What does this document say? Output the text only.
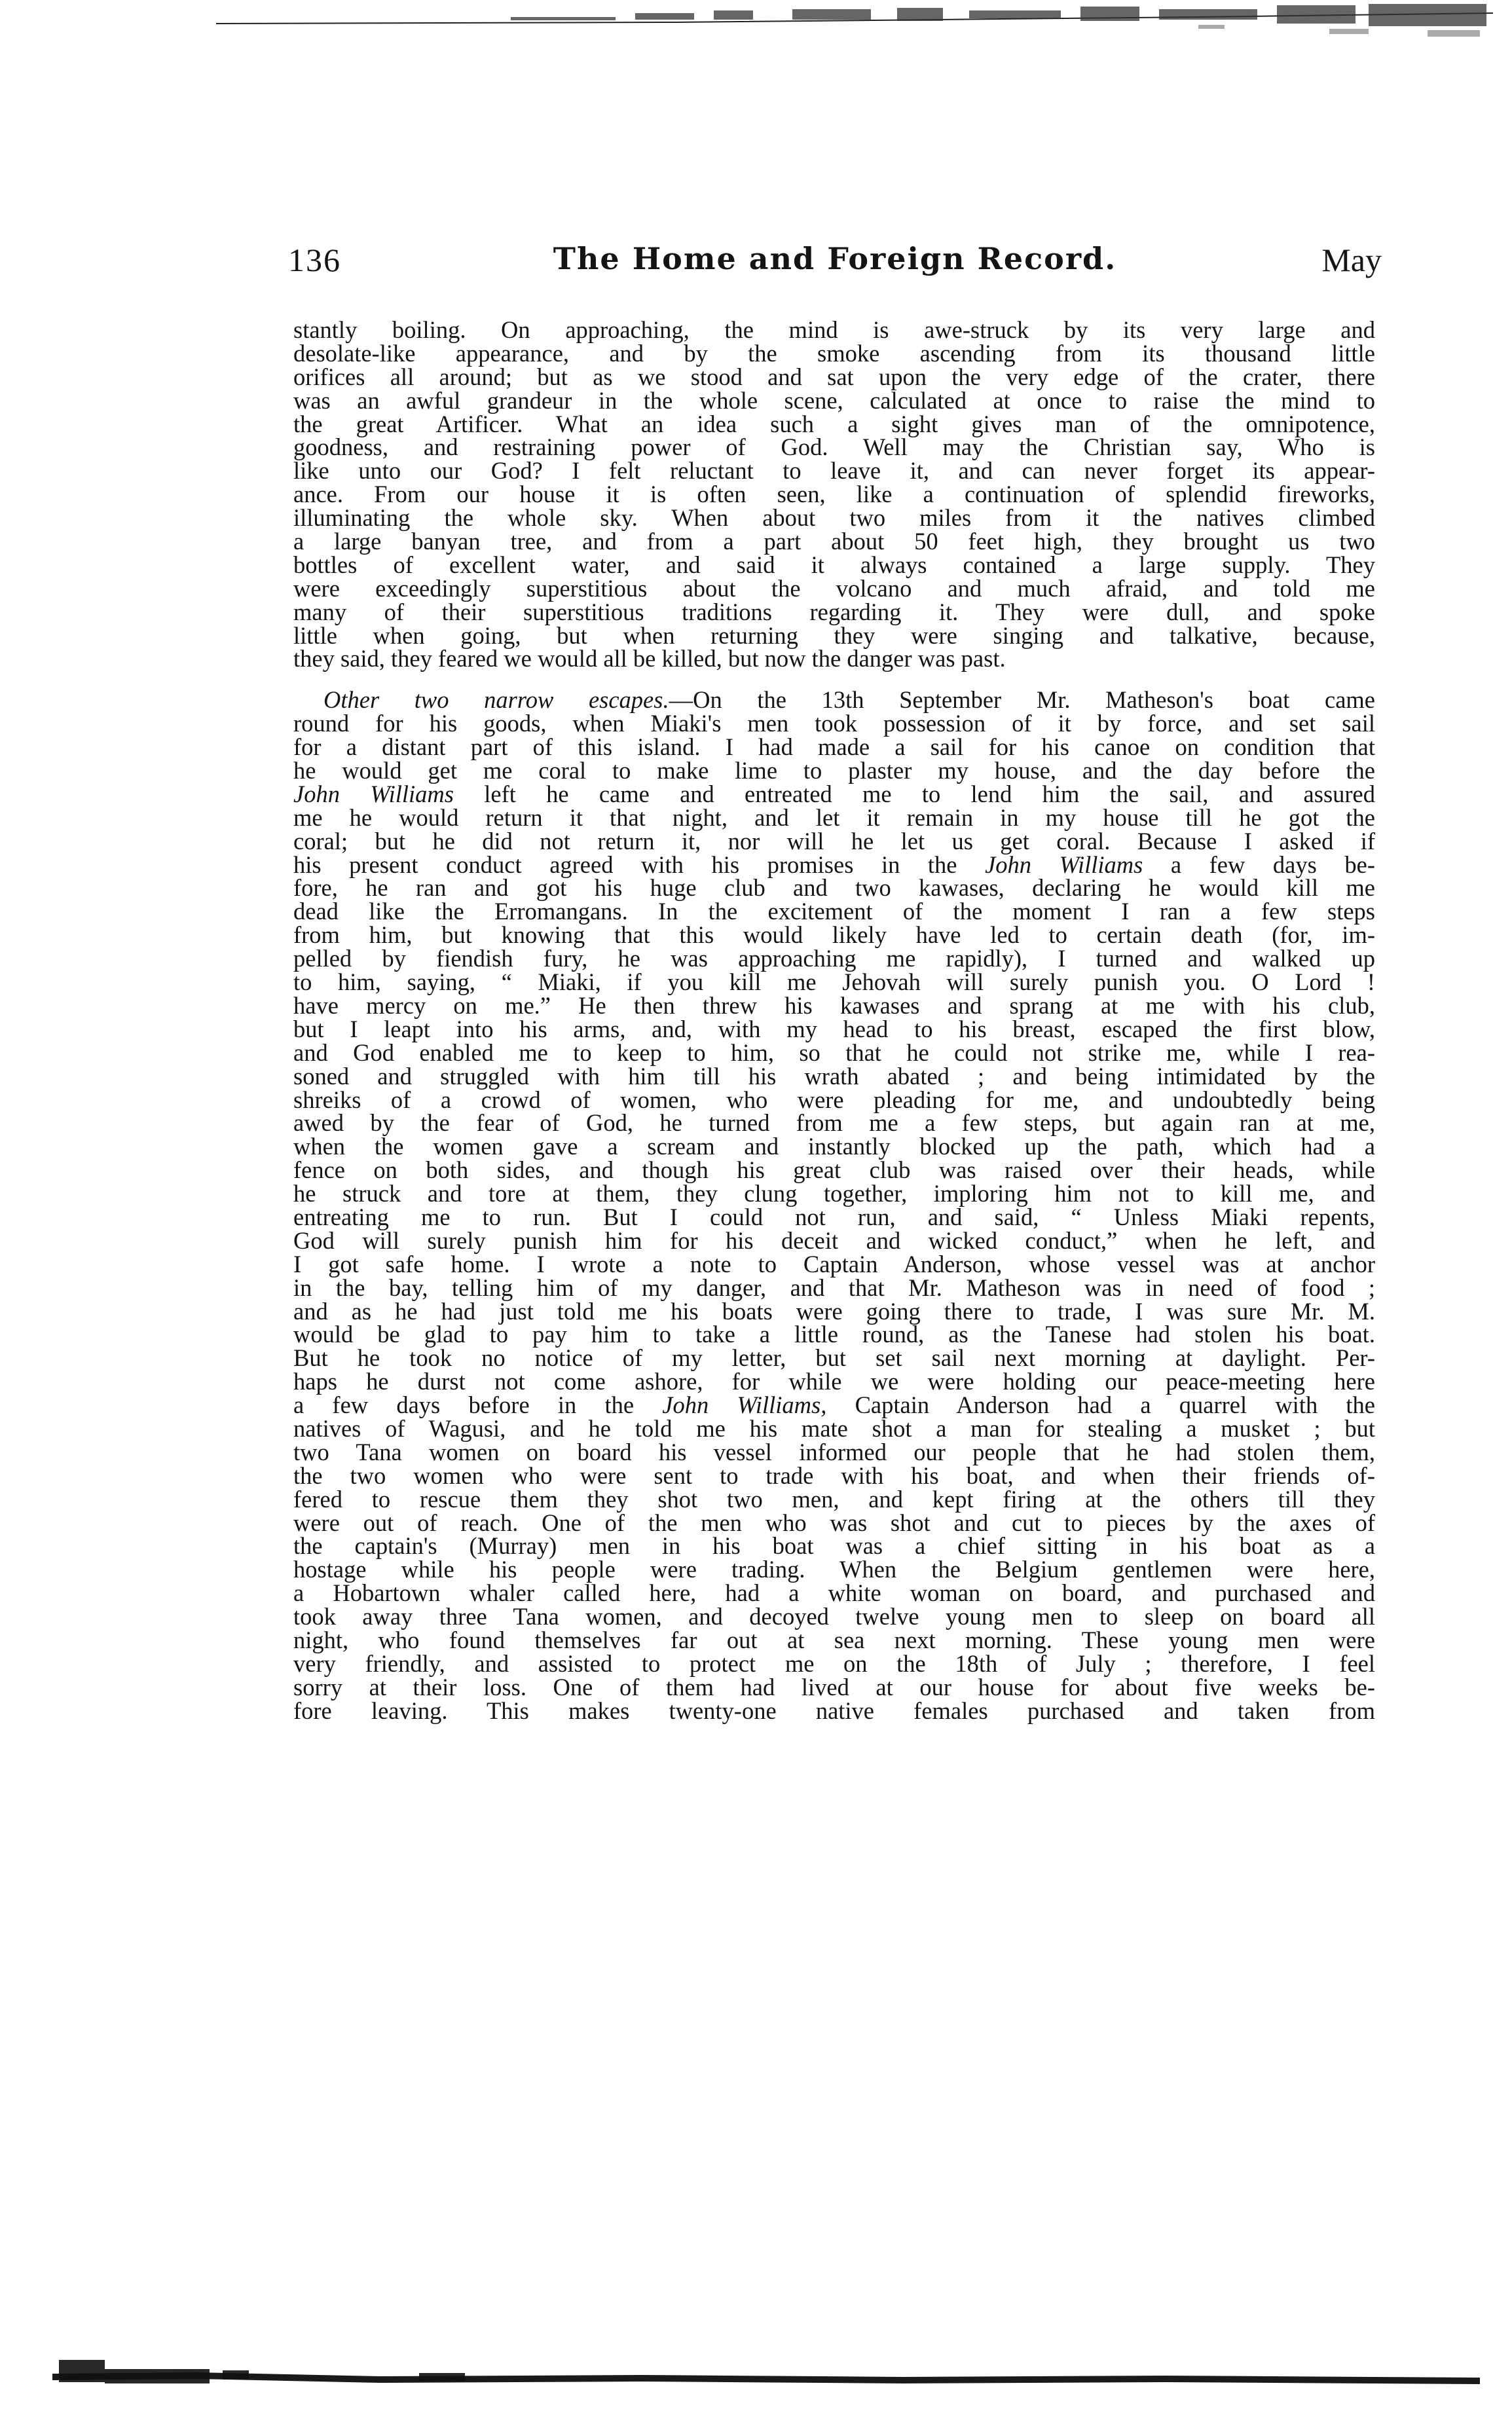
136	The Home and Foreign Record.	May
stantly boiling. On approaching, the mind is awe-struck by its very large and
desolate-like appearance, and by the smoke ascending from its thousand little
orifices all around; but as we stood and sat upon the very edge of the crater, there
was an awful grandeur in the whole scene, calculated at once to raise the mind to
the great Artificer. What an idea such a sight gives man of the omnipotence,
goodness, and restraining power of God. Well may the Christian say, Who is
like unto our God? I felt reluctant to leave it, and can never forget its appear-
ance. From our house it is often seen, like a continuation of splendid fireworks,
illuminating the whole sky. When about two miles from it the natives climbed
a large banyan tree, and from a part about 50 feet high, they brought us two
bottles of excellent water, and said it always contained a large supply. They
were exceedingly superstitious about the volcano and much afraid, and told me
many of their superstitious traditions regarding it. They were dull, and spoke
little when going, but when returning they were singing and talkative, because,
they said, they feared we would all be killed, but now the danger was past.
Other two narrow escapes.—On the 13th September Mr. Matheson's boat came
round for his goods, when Miaki's men took possession of it by force, and set sail
for a distant part of this island. I had made a sail for his canoe on condition that
he would get me coral to make lime to plaster my house, and the day before the
John Williams left he came and entreated me to lend him the sail, and assured
me he would return it that night, and let it remain in my house till he got the
coral; but he did not return it, nor will he let us get coral. Because I asked if
his present conduct agreed with his promises in the John Williams a few days be-
fore, he ran and got his huge club and two kawases, declaring he would kill me
dead like the Erromangans. In the excitement of the moment I ran a few steps
from him, but knowing that this would likely have led to certain death (for, im-
pelled by fiendish fury, he was approaching me rapidly), I turned and walked up
to him, saying, “ Miaki, if you kill me Jehovah will surely punish you. O Lord !
have mercy on me.” He then threw his kawases and sprang at me with his club,
but I leapt into his arms, and, with my head to his breast, escaped the first blow,
and God enabled me to keep to him, so that he could not strike me, while I rea-
soned and struggled with him till his wrath abated ; and being intimidated by the
shreiks of a crowd of women, who were pleading for me, and undoubtedly being
awed by the fear of God, he turned from me a few steps, but again ran at me,
when the women gave a scream and instantly blocked up the path, which had a
fence on both sides, and though his great club was raised over their heads, while
he struck and tore at them, they clung together, imploring him not to kill me, and
entreating me to run. But I could not run, and said, “ Unless Miaki repents,
God will surely punish him for his deceit and wicked conduct,” when he left, and
I got safe home. I wrote a note to Captain Anderson, whose vessel was at anchor
in the bay, telling him of my danger, and that Mr. Matheson was in need of food ;
and as he had just told me his boats were going there to trade, I was sure Mr. M.
would be glad to pay him to take a little round, as the Tanese had stolen his boat.
But he took no notice of my letter, but set sail next morning at daylight. Per-
haps he durst not come ashore, for while we were holding our peace-meeting here
a few days before in the John Williams, Captain Anderson had a quarrel with the
natives of Wagusi, and he told me his mate shot a man for stealing a musket ; but
two Tana women on board his vessel informed our people that he had stolen them,
the two women who were sent to trade with his boat, and when their friends of-
fered to rescue them they shot two men, and kept firing at the others till they
were out of reach. One of the men who was shot and cut to pieces by the axes of
the captain's (Murray) men in his boat was a chief sitting in his boat as a
hostage while his people were trading. When the Belgium gentlemen were here,
a Hobartown whaler called here, had a white woman on board, and purchased and
took away three Tana women, and decoyed twelve young men to sleep on board all
night, who found themselves far out at sea next morning. These young men were
very friendly, and assisted to protect me on the 18th of July ; therefore, I feel
sorry at their loss. One of them had lived at our house for about five weeks be-
fore leaving. This makes twenty-one native females purchased and taken from
